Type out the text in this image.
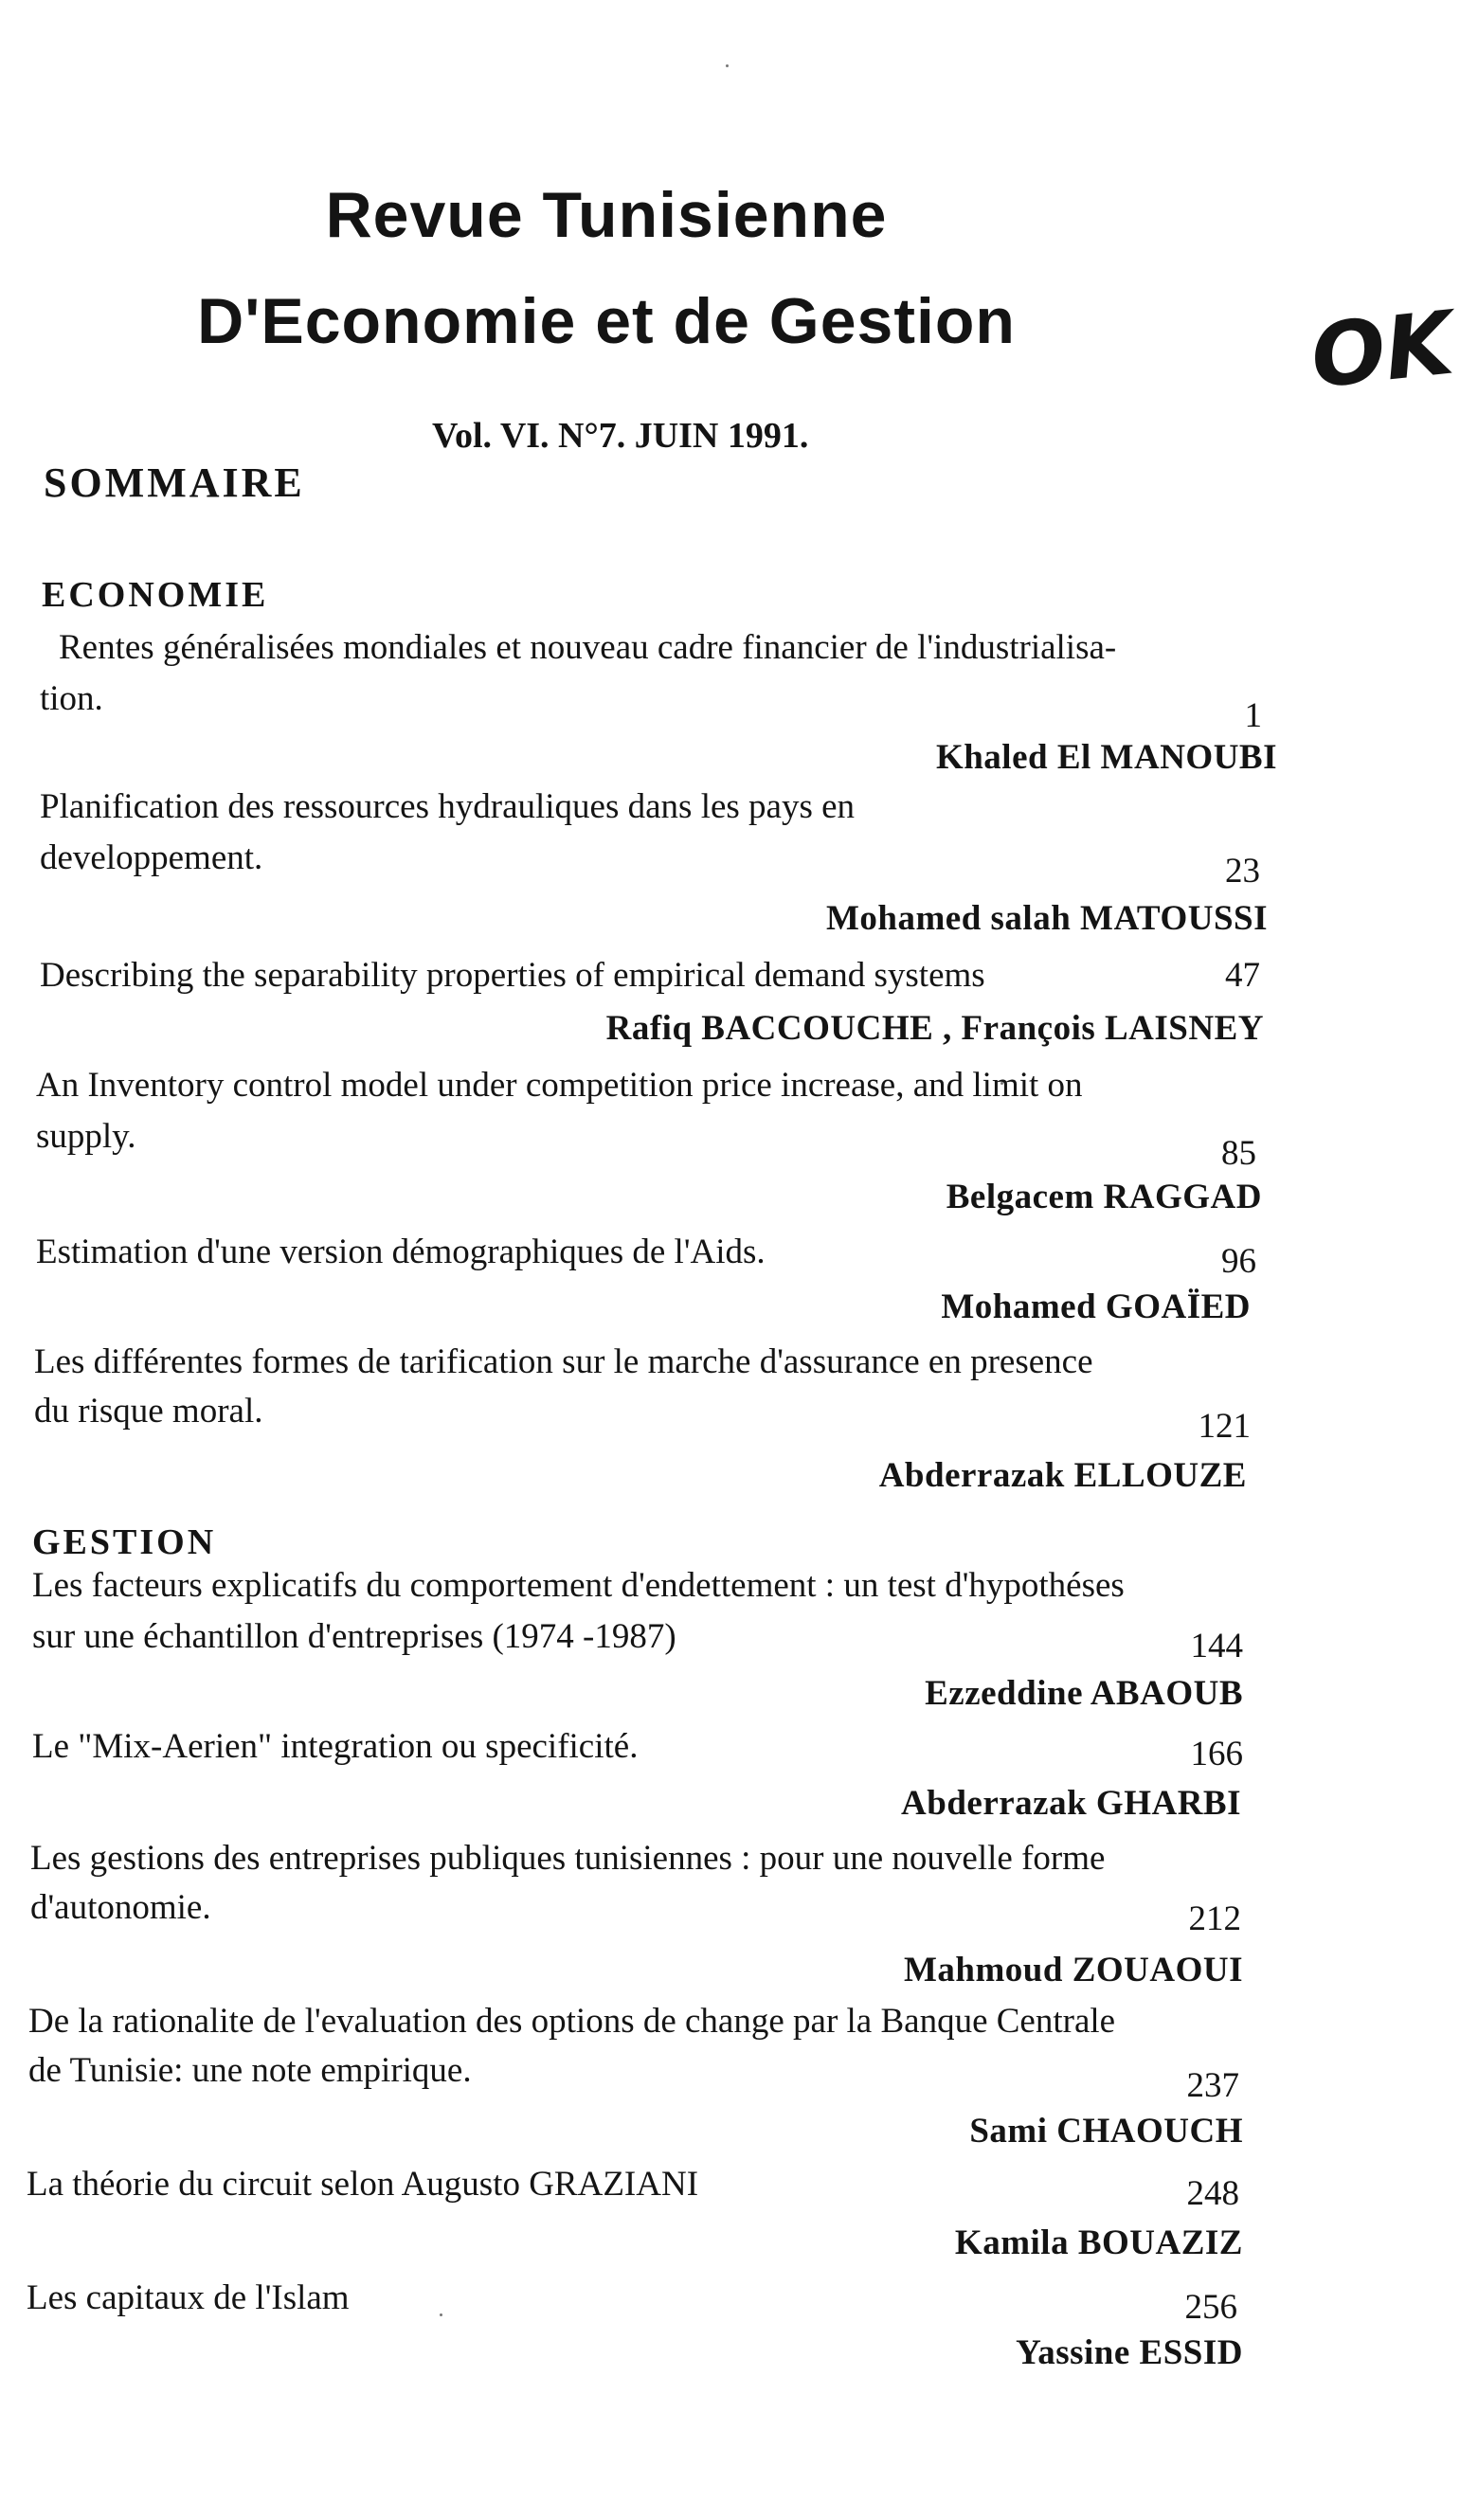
Revue Tunisienne
D'Economie et de Gestion	OK
Vol. VI. N°7. JUIN 1991.
SOMMAIRE
ECONOMIE
GESTION
Rentes généralisées mondiales et nouveau cadre financier de l'industrialisa-
tion.	1
Khaled El MANOUBI
Planification des ressources hydrauliques dans les pays en
developpement.	23
Mohamed salah MATOUSSI
Describing the separability properties of empirical demand systems	47
Rafiq BACCOUCHE , François LAISNEY
An Inventory control model under competition price increase, and limit on
supply.	85
Belgacem RAGGAD
Estimation d'une version démographiques de l'Aids.	96
Mohamed GOAÏED
Les différentes formes de tarification sur le marche d'assurance en presence
du risque moral.	121
Abderrazak ELLOUZE
Les facteurs explicatifs du comportement d'endettement : un test d'hypothéses
sur une échantillon d'entreprises (1974 -1987)	144
Ezzeddine ABAOUB
Le "Mix-Aerien" integration ou specificité.	166
Abderrazak GHARBI
Les gestions des entreprises publiques tunisiennes : pour une nouvelle forme
d'autonomie.	212
Mahmoud ZOUAOUI
De la rationalite de l'evaluation des options de change par la Banque Centrale
de Tunisie: une note empirique.	237
Sami CHAOUCH
La théorie du circuit selon Augusto GRAZIANI	248
Kamila BOUAZIZ
Les capitaux de l'Islam	256
Yassine ESSID
